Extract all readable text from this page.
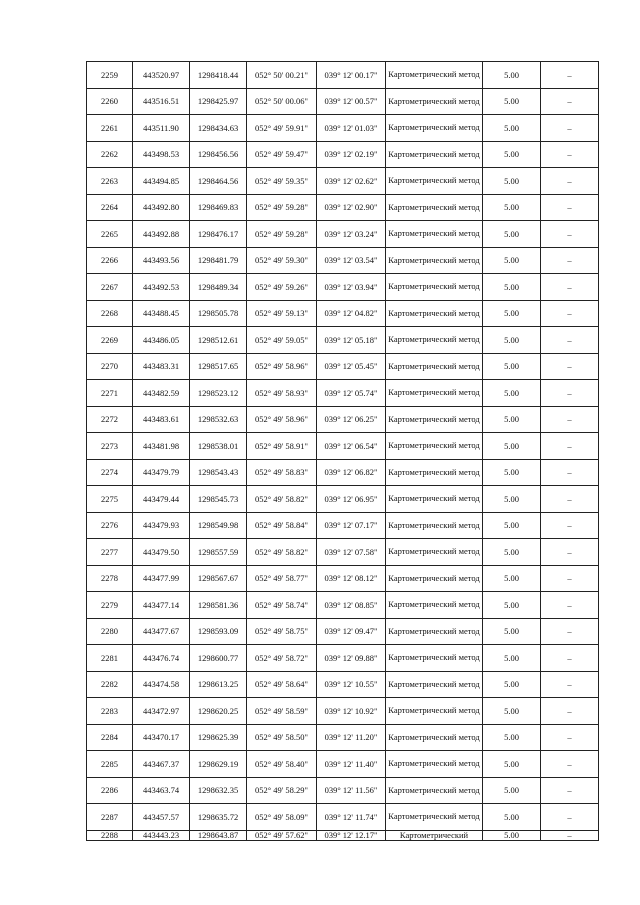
2259	443520.97	1298418.44	052° 50' 00.21"	039° 12' 00.17"	Картометрический метод	5.00	–
2260	443516.51	1298425.97	052° 50' 00.06"	039° 12' 00.57"	Картометрический метод	5.00	–
2261	443511.90	1298434.63	052° 49' 59.91"	039° 12' 01.03"	Картометрический метод	5.00	–
2262	443498.53	1298456.56	052° 49' 59.47"	039° 12' 02.19"	Картометрический метод	5.00	–
2263	443494.85	1298464.56	052° 49' 59.35"	039° 12' 02.62"	Картометрический метод	5.00	–
2264	443492.80	1298469.83	052° 49' 59.28"	039° 12' 02.90"	Картометрический метод	5.00	–
2265	443492.88	1298476.17	052° 49' 59.28"	039° 12' 03.24"	Картометрический метод	5.00	–
2266	443493.56	1298481.79	052° 49' 59.30"	039° 12' 03.54"	Картометрический метод	5.00	–
2267	443492.53	1298489.34	052° 49' 59.26"	039° 12' 03.94"	Картометрический метод	5.00	–
2268	443488.45	1298505.78	052° 49' 59.13"	039° 12' 04.82"	Картометрический метод	5.00	–
2269	443486.05	1298512.61	052° 49' 59.05"	039° 12' 05.18"	Картометрический метод	5.00	–
2270	443483.31	1298517.65	052° 49' 58.96"	039° 12' 05.45"	Картометрический метод	5.00	–
2271	443482.59	1298523.12	052° 49' 58.93"	039° 12' 05.74"	Картометрический метод	5.00	–
2272	443483.61	1298532.63	052° 49' 58.96"	039° 12' 06.25"	Картометрический метод	5.00	–
2273	443481.98	1298538.01	052° 49' 58.91"	039° 12' 06.54"	Картометрический метод	5.00	–
2274	443479.79	1298543.43	052° 49' 58.83"	039° 12' 06.82"	Картометрический метод	5.00	–
2275	443479.44	1298545.73	052° 49' 58.82"	039° 12' 06.95"	Картометрический метод	5.00	–
2276	443479.93	1298549.98	052° 49' 58.84"	039° 12' 07.17"	Картометрический метод	5.00	–
2277	443479.50	1298557.59	052° 49' 58.82"	039° 12' 07.58"	Картометрический метод	5.00	–
2278	443477.99	1298567.67	052° 49' 58.77"	039° 12' 08.12"	Картометрический метод	5.00	–
2279	443477.14	1298581.36	052° 49' 58.74"	039° 12' 08.85"	Картометрический метод	5.00	–
2280	443477.67	1298593.09	052° 49' 58.75"	039° 12' 09.47"	Картометрический метод	5.00	–
2281	443476.74	1298600.77	052° 49' 58.72"	039° 12' 09.88"	Картометрический метод	5.00	–
2282	443474.58	1298613.25	052° 49' 58.64"	039° 12' 10.55"	Картометрический метод	5.00	–
2283	443472.97	1298620.25	052° 49' 58.59"	039° 12' 10.92"	Картометрический метод	5.00	–
2284	443470.17	1298625.39	052° 49' 58.50"	039° 12' 11.20"	Картометрический метод	5.00	–
2285	443467.37	1298629.19	052° 49' 58.40"	039° 12' 11.40"	Картометрический метод	5.00	–
2286	443463.74	1298632.35	052° 49' 58.29"	039° 12' 11.56"	Картометрический метод	5.00	–
2287	443457.57	1298635.72	052° 49' 58.09"	039° 12' 11.74"	Картометрический метод	5.00	–
2288	443443.23	1298643.87	052° 49' 57.62"	039° 12' 12.17"	Картометрический	5.00	–
